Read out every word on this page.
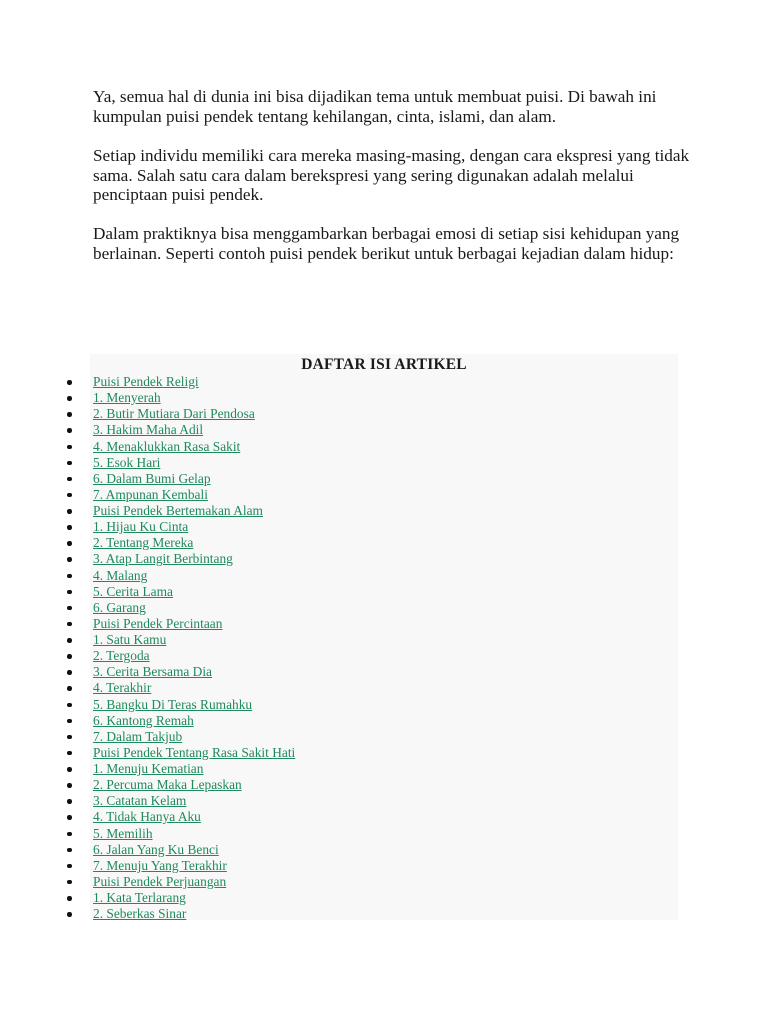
Ya, semua hal di dunia ini bisa dijadikan tema untuk membuat puisi. Di bawah ini kumpulan puisi pendek tentang kehilangan, cinta, islami, dan alam.

Setiap individu memiliki cara mereka masing-masing, dengan cara ekspresi yang tidak sama. Salah satu cara dalam berekspresi yang sering digunakan adalah melalui penciptaan puisi pendek.

Dalam praktiknya bisa menggambarkan berbagai emosi di setiap sisi kehidupan yang berlainan. Seperti contoh puisi pendek berikut untuk berbagai kejadian dalam hidup:

DAFTAR ISI ARTIKEL
Puisi Pendek Religi
1. Menyerah
2. Butir Mutiara Dari Pendosa
3. Hakim Maha Adil
4. Menaklukkan Rasa Sakit
5. Esok Hari
6. Dalam Bumi Gelap
7. Ampunan Kembali
Puisi Pendek Bertemakan Alam
1. Hijau Ku Cinta
2. Tentang Mereka
3. Atap Langit Berbintang
4. Malang
5. Cerita Lama
6. Garang
Puisi Pendek Percintaan
1. Satu Kamu
2. Tergoda
3. Cerita Bersama Dia
4. Terakhir
5. Bangku Di Teras Rumahku
6. Kantong Remah
7. Dalam Takjub
Puisi Pendek Tentang Rasa Sakit Hati
1. Menuju Kematian
2. Percuma Maka Lepaskan
3. Catatan Kelam
4. Tidak Hanya Aku
5. Memilih
6. Jalan Yang Ku Benci
7. Menuju Yang Terakhir
Puisi Pendek Perjuangan
1. Kata Terlarang
2. Seberkas Sinar
